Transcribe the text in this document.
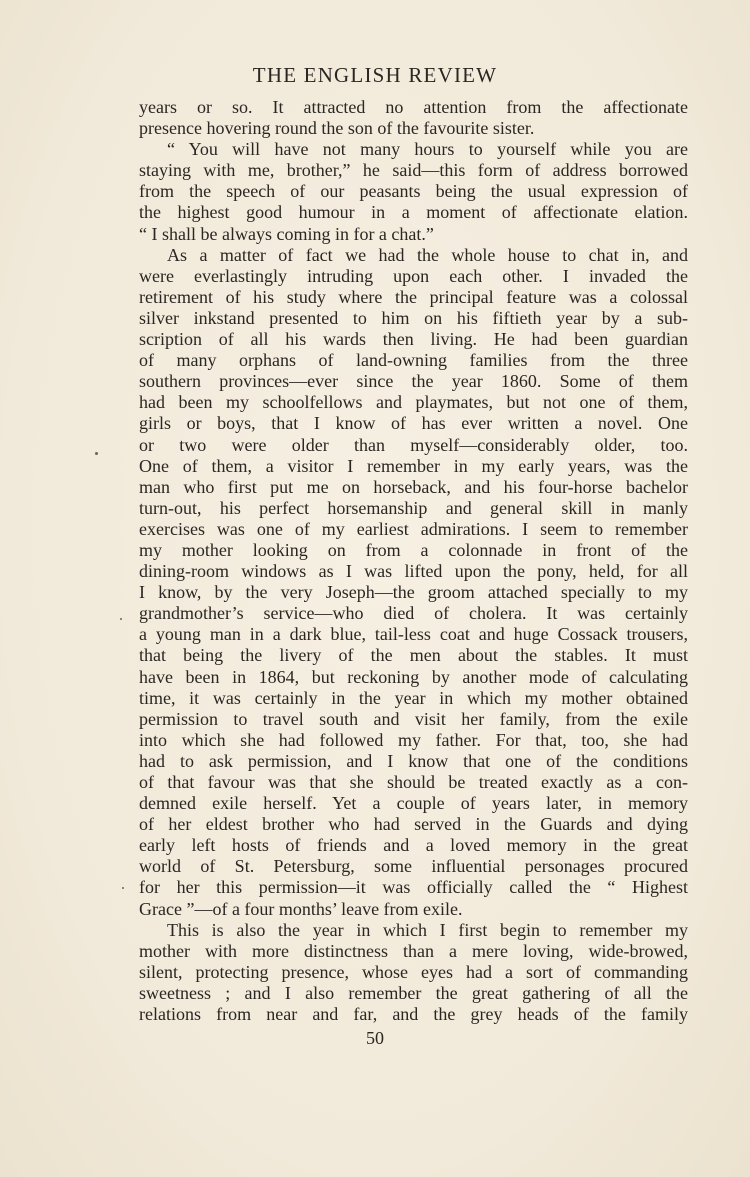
THE ENGLISH REVIEW
years or so. It attracted no attention from the affectionate
presence hovering round the son of the favourite sister.
“ You will have not many hours to yourself while you are
staying with me, brother,” he said—this form of address borrowed
from the speech of our peasants being the usual expression of
the highest good humour in a moment of affectionate elation.
“ I shall be always coming in for a chat.”
As a matter of fact we had the whole house to chat in, and
were everlastingly intruding upon each other. I invaded the
retirement of his study where the principal feature was a colossal
silver inkstand presented to him on his fiftieth year by a sub-
scription of all his wards then living. He had been guardian
of many orphans of land-owning families from the three
southern provinces—ever since the year 1860. Some of them
had been my schoolfellows and playmates, but not one of them,
girls or boys, that I know of has ever written a novel. One
or two were older than myself—considerably older, too.
One of them, a visitor I remember in my early years, was the
man who first put me on horseback, and his four-horse bachelor
turn-out, his perfect horsemanship and general skill in manly
exercises was one of my earliest admirations. I seem to remember
my mother looking on from a colonnade in front of the
dining-room windows as I was lifted upon the pony, held, for all
I know, by the very Joseph—the groom attached specially to my
grandmother’s service—who died of cholera. It was certainly
a young man in a dark blue, tail-less coat and huge Cossack trousers,
that being the livery of the men about the stables. It must
have been in 1864, but reckoning by another mode of calculating
time, it was certainly in the year in which my mother obtained
permission to travel south and visit her family, from the exile
into which she had followed my father. For that, too, she had
had to ask permission, and I know that one of the conditions
of that favour was that she should be treated exactly as a con-
demned exile herself. Yet a couple of years later, in memory
of her eldest brother who had served in the Guards and dying
early left hosts of friends and a loved memory in the great
world of St. Petersburg, some influential personages procured
for her this permission—it was officially called the “ Highest
Grace ”—of a four months’ leave from exile.
This is also the year in which I first begin to remember my
mother with more distinctness than a mere loving, wide-browed,
silent, protecting presence, whose eyes had a sort of commanding
sweetness ; and I also remember the great gathering of all the
relations from near and far, and the grey heads of the family
50
